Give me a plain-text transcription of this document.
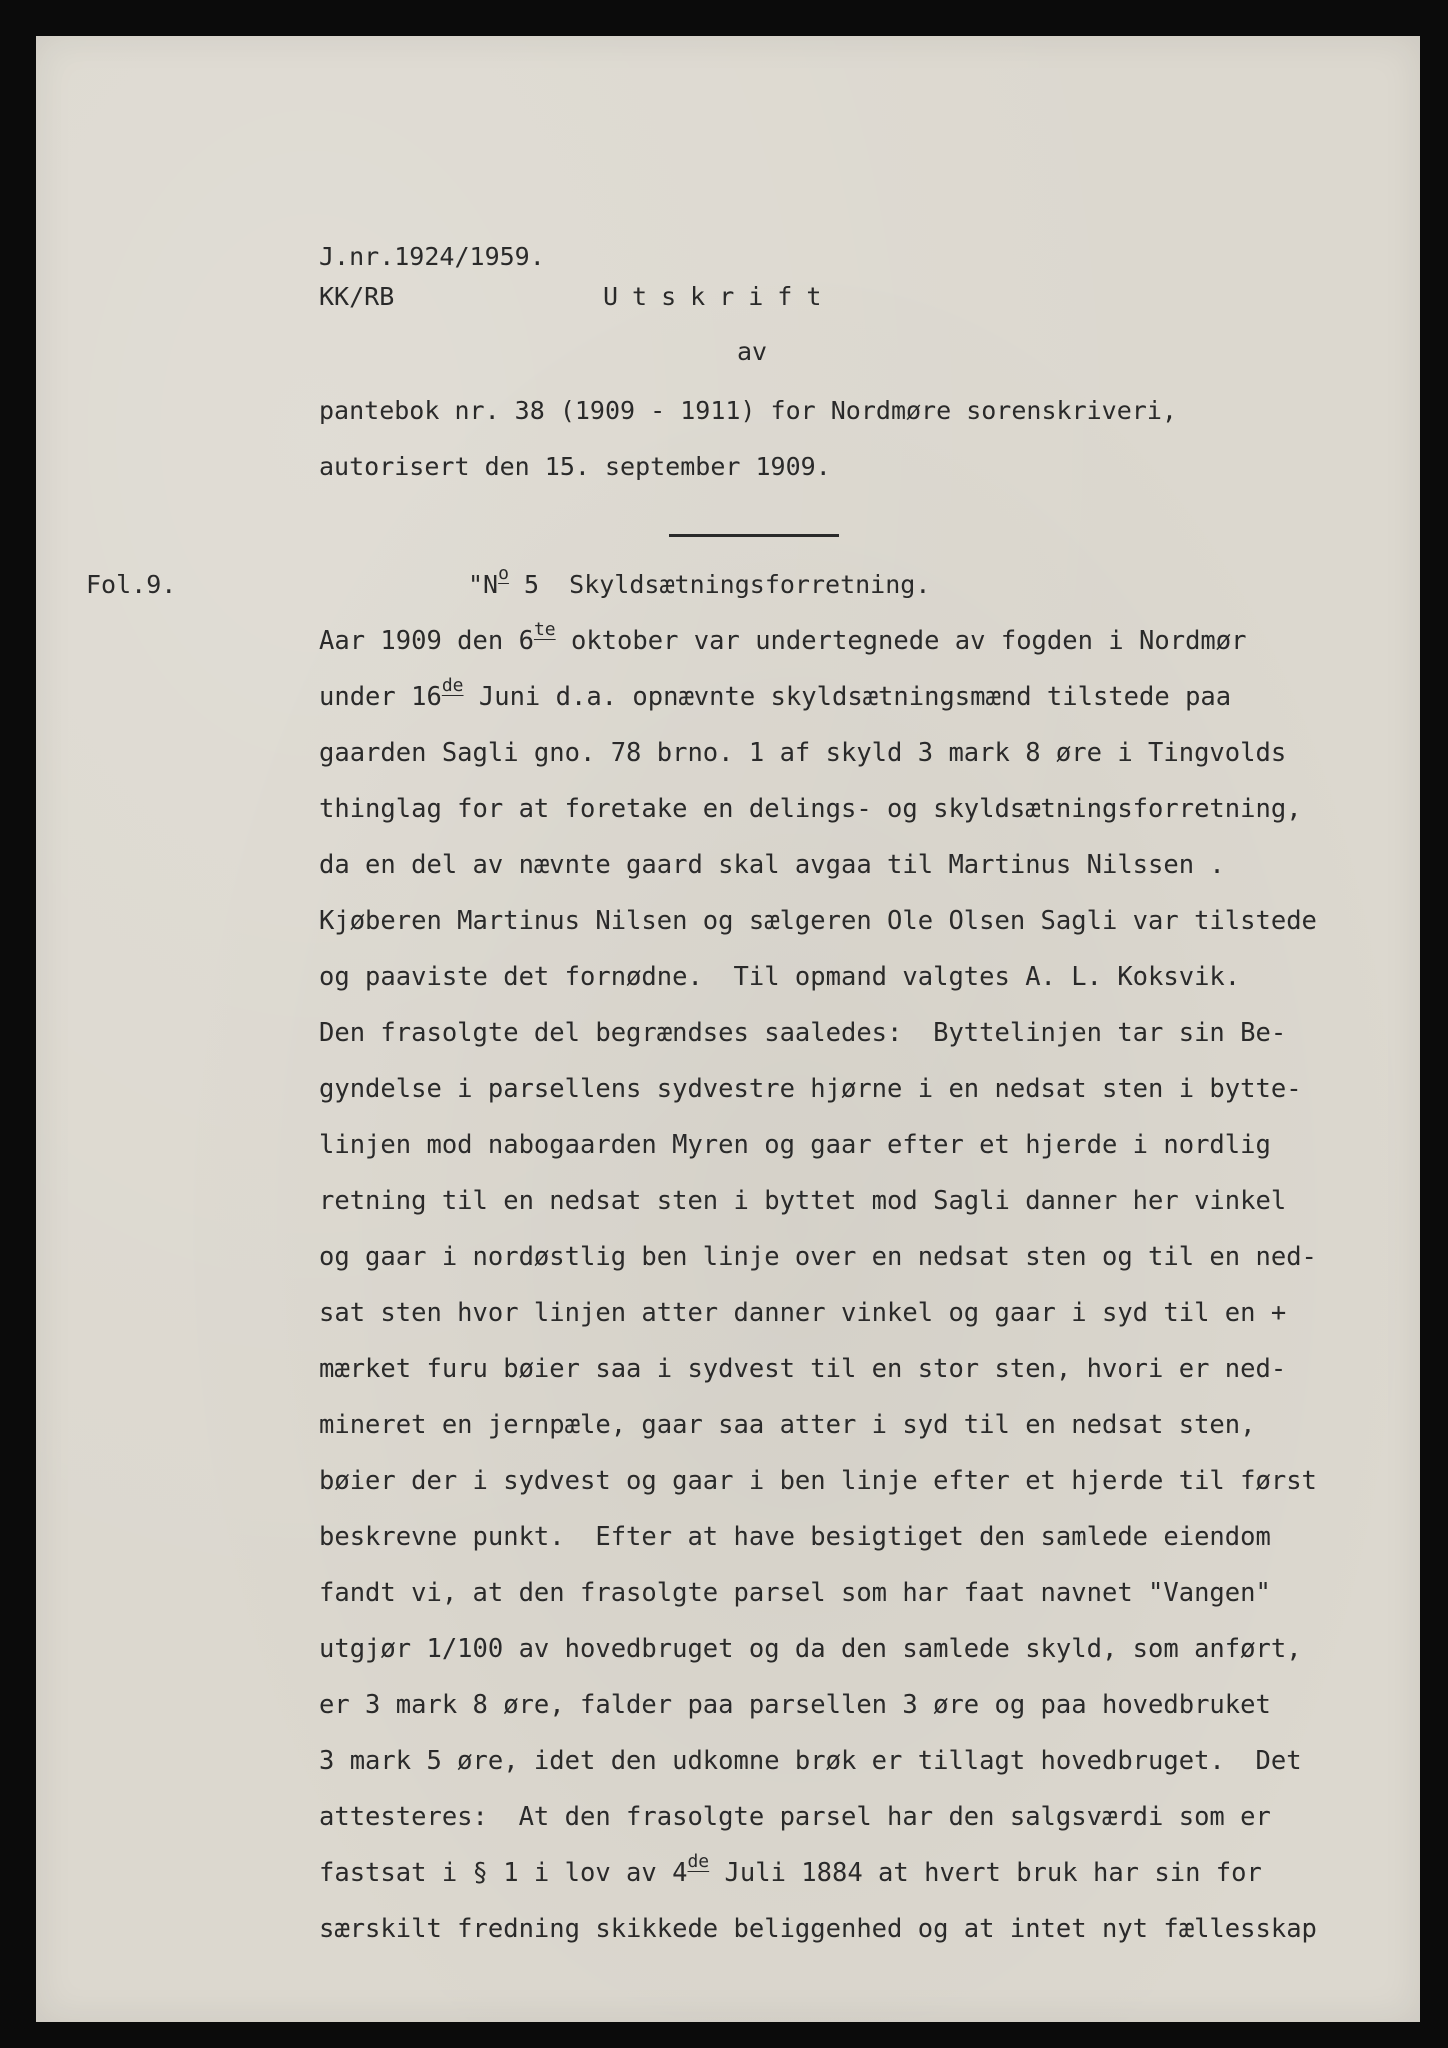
J.nr.1924/1959.

KK/RB	Utskrift

av

pantebok nr. 38 (1909 - 1911) for Nordmøre sorenskriveri,

autorisert den 15. september 1909.

Fol.9.	"$N^o$ 5  Skyldsætningsforretning.

Aar 1909 den $6^{te}$ oktober var undertegnede av fogden i Nordmør

under 16de Juni d.a. opnævnte skyldsætningsmænd tilstede paa

gaarden Sagli gno. 78 brno. 1 af skyld 3 mark 8 øre i Tingvolds

thinglag for at foretake en delings- og skyldsætningsforretning,

da en del av nævnte gaard skal avgaa til Martinus Nilssen .

Kjøberen Martinus Nilsen og sælgeren Ole Olsen Sagli var tilstede

og paaviste det fornødne.  Til opmand valgtes A. L. Koksvik.

Den frasolgte del begrændses saaledes:  Byttelinjen tar sin Be-

gyndelse i parsellens sydvestre hjørne i en nedsat sten i bytte-

linjen mod nabogaarden Myren og gaar efter et hjerde i nordlig

retning til en nedsat sten i byttet mod Sagli danner her vinkel

og gaar i nordøstlig ben linje over en nedsat sten og til en ned-

sat sten hvor linjen atter danner vinkel og gaar i syd til en +

mærket furu bøier saa i sydvest til en stor sten, hvori er ned-

mineret en jernpæle, gaar saa atter i syd til en nedsat sten,

bøier der i sydvest og gaar i ben linje efter et hjerde til først

beskrevne punkt.  Efter at have besigtiget den samlede eiendom

fandt vi, at den frasolgte parsel som har faat navnet "Vangen"

utgjør 1/100 av hovedbruget og da den samlede skyld, som anført,

er 3 mark 8 øre, falder paa parsellen 3 øre og paa hovedbruket

3 mark 5 øre, idet den udkomne brøk er tillagt hovedbruget.  Det

attesteres:  At den frasolgte parsel har den salgsværdi som er

fastsat i § 1 i lov av 4de Juli 1884 at hvert bruk har sin for

særskilt fredning skikkede beliggenhed og at intet nyt fællesskap
